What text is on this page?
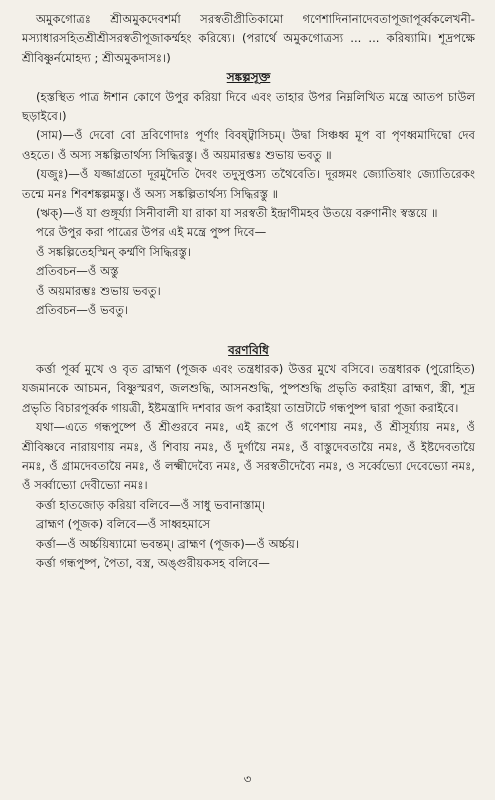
অমুকগোত্রঃ শ্রীঅমুকদেবশর্মা সরস্বতীপ্রীতিকামো গণেশাদিনানাদেবতাপূজাপূর্ব্বকলেখনী-মস্যাধারসহিতশ্রীশ্রীসরস্বতীপূজাকর্ম্মহং করিষ্যে। (পরার্থে অমুকগোত্রস্য ... ... করিষ্যামি। শূদ্রপক্ষে শ্রীবিষ্ণুর্নমোহদ্য ; শ্রীঅমুকদাসঃ।)

সঙ্কল্পসূক্ত

(হস্তস্থিত পাত্র ঈশান কোণে উপুর করিয়া দিবে এবং তাহার উপর নিম্নলিখিত মন্ত্রে আতপ চাউল ছড়াইবে।)

(সাম)—ওঁ দেবো বো দ্রবিণোদাঃ পূর্ণাং বিবষ্ট্বাসিচম্‌। উদ্বা সিঞ্চধ্ব মূপ বা পৃণধ্বমাদিদ্বো দেব ওহতে। ওঁ অস্য সঙ্কল্পিতার্থস্য সিদ্ধিরস্তু। ওঁ অয়মারম্ভঃ শুভায় ভবতু ॥

(যজুঃ)—ওঁ যজ্জাগ্রতো দূরমুদৈতি দৈবং তদুসুপ্তস্য তথৈবেতি। দূরঙ্গমং জ্যোতিষাং জ্যোতিরেকং তন্মে মনঃ শিবশঙ্কল্পমস্তু। ওঁ অস্য সঙ্কল্পিতার্থস্য সিদ্ধিরস্তু ॥

(ঋক্‌)—ওঁ যা গুঙ্গূর্য্যা সিনীবালী যা রাকা যা সরস্বতী ইন্দ্রাণীমহব উতয়ে বরুণানীং স্বস্তয়ে ॥

পরে উপুর করা পাত্রের উপর এই মন্ত্রে পুষ্প দিবে—

ওঁ সঙ্কল্পিতেহস্মিন্‌ কর্ম্মণি সিদ্ধিরস্তু।

প্রতিবচন—ওঁ অস্তু

ওঁ অয়মারম্ভঃ শুভায় ভবতু।

প্রতিবচন—ওঁ ভবতু।

বরণবিধি

কর্ত্তা পূর্ব্ব মুখে ও বৃত ব্রাহ্মণ (পূজক এবং তন্ত্রধারক) উত্তর মুখে বসিবে। তন্ত্রধারক (পুরোহিত) যজমানকে আচমন, বিষ্ণুস্মরণ, জলশুদ্ধি, আসনশুদ্ধি, পুষ্পশুদ্ধি প্রভৃতি করাইয়া ব্রাহ্মণ, স্ত্রী, শূদ্র প্রভৃতি বিচারপূর্ব্বক গায়ত্রী, ইষ্টমন্ত্রাদি দশবার জপ করাইয়া তাম্রটাটে গন্ধপুষ্প দ্বারা পূজা করাইবে।

যথা—এতে গন্ধপুষ্পে ওঁ শ্রীগুরবে নমঃ, এই রূপে ওঁ গণেশায় নমঃ, ওঁ শ্রীসূর্য্যায় নমঃ, ওঁ শ্রীবিষ্ণবে নারায়ণায় নমঃ, ওঁ শিবায় নমঃ, ওঁ দুর্গায়ৈ নমঃ, ওঁ বাস্তুদেবতায়ৈ নমঃ, ওঁ ইষ্টদেবতায়ৈ নমঃ, ওঁ গ্রামদেবতায়ৈ নমঃ, ওঁ লক্ষ্মীদেব্যৈ নমঃ, ওঁ সরস্বতীদেব্যৈ নমঃ, ও সর্ব্বেভ্যো দেবেভ্যো নমঃ, ওঁ সর্ব্বাভ্যো দেবীভ্যো নমঃ।

কর্ত্তা হাতজোড় করিয়া বলিবে—ওঁ সাধু ভবানাস্তাম্‌।

ব্রাহ্মণ (পূজক) বলিবে—ওঁ সাধ্বহমাসে

কর্ত্তা—ওঁ অর্চ্চয়িষ্যামো ভবন্তম্‌। ব্রাহ্মণ (পূজক)—ওঁ অর্চ্চয়।

কর্ত্তা গন্ধপুষ্প, পৈতা, বস্ত্র, অঙ্গুরীয়কসহ বলিবে—

৩
